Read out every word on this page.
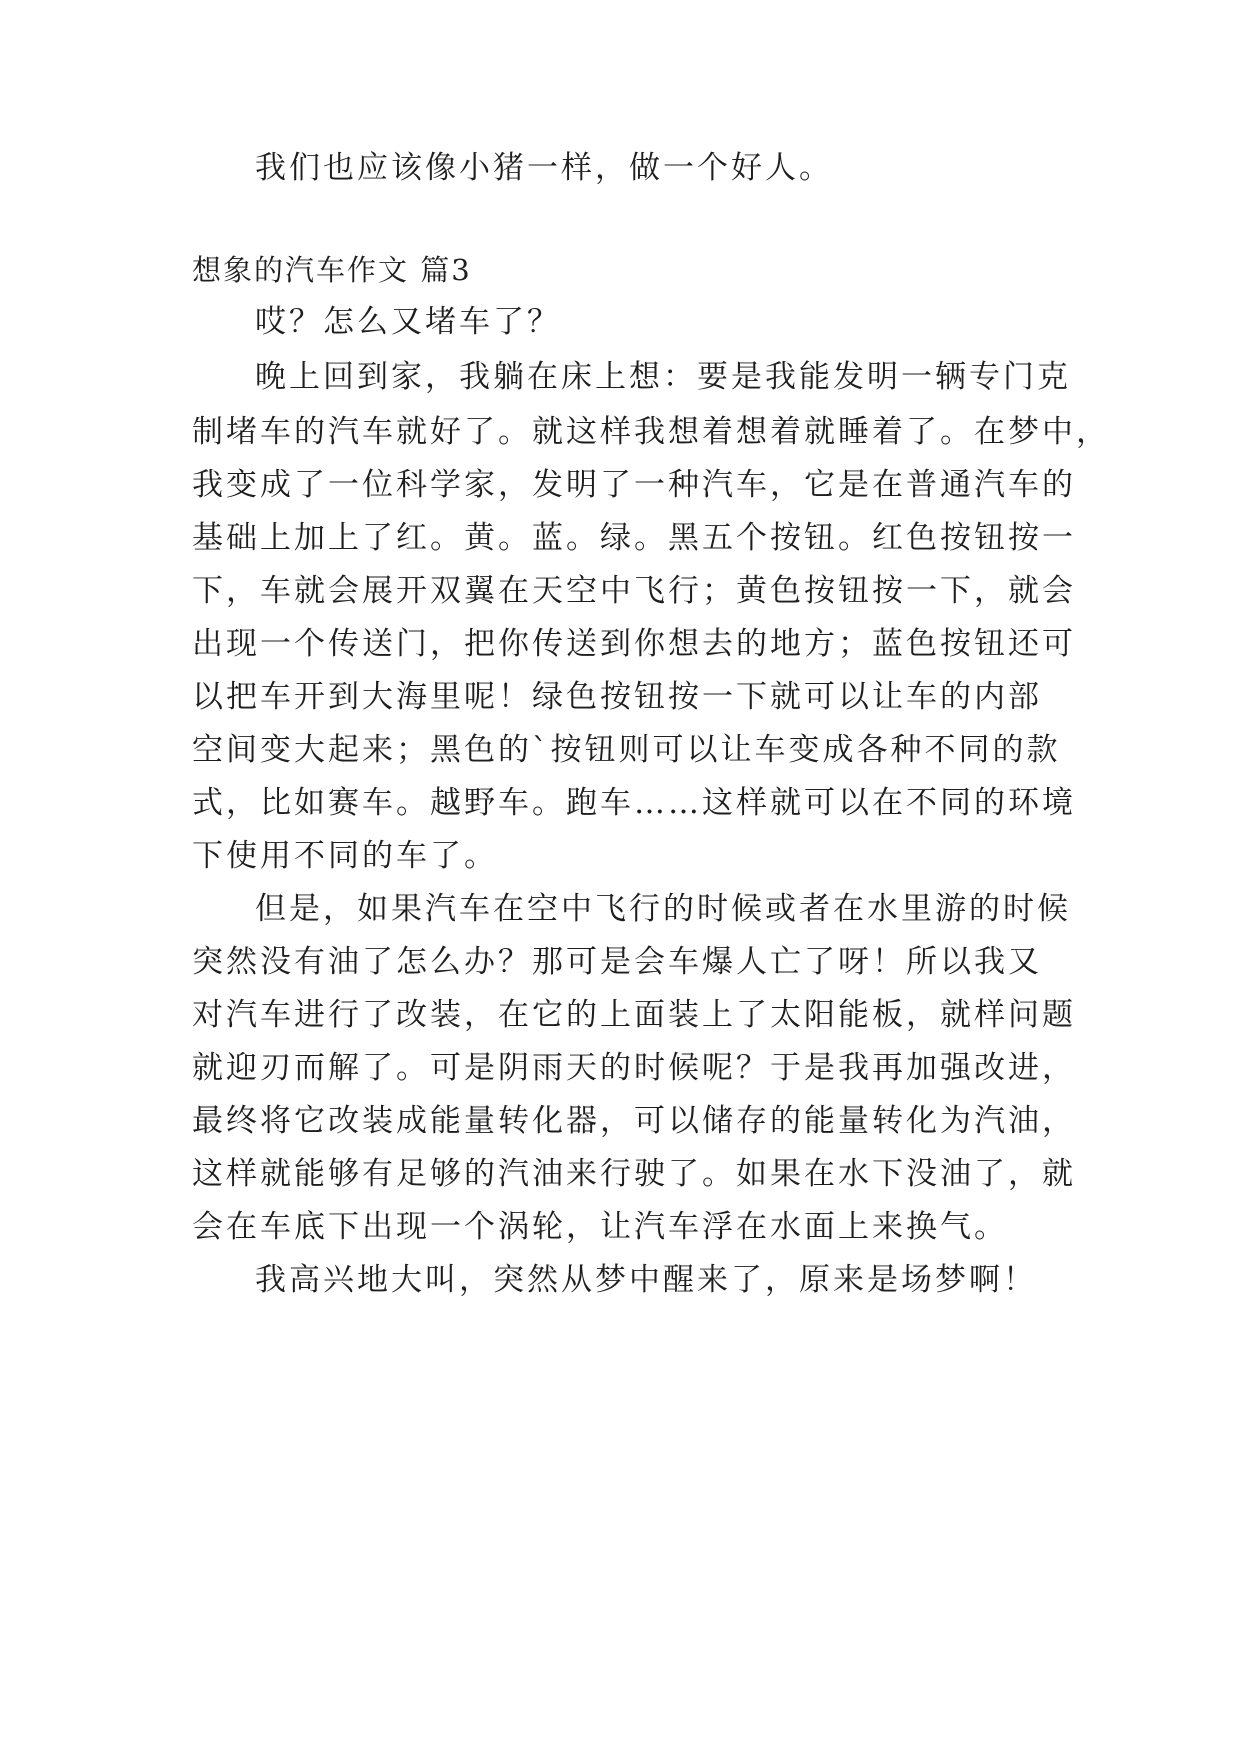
我们也应该像小猪一样，做一个好人。
想象的汽车作文 篇3
哎？怎么又堵车了？
晚上回到家，我躺在床上想：要是我能发明一辆专门克
制堵车的汽车就好了。就这样我想着想着就睡着了。在梦中，
我变成了一位科学家，发明了一种汽车，它是在普通汽车的
基础上加上了红。黄。蓝。绿。黑五个按钮。红色按钮按一
下，车就会展开双翼在天空中飞行；黄色按钮按一下，就会
出现一个传送门，把你传送到你想去的地方；蓝色按钮还可
以把车开到大海里呢！绿色按钮按一下就可以让车的内部
空间变大起来；黑色的`按钮则可以让车变成各种不同的款
式，比如赛车。越野车。跑车……这样就可以在不同的环境
下使用不同的车了。
但是，如果汽车在空中飞行的时候或者在水里游的时候
突然没有油了怎么办？那可是会车爆人亡了呀！所以我又
对汽车进行了改装，在它的上面装上了太阳能板，就样问题
就迎刃而解了。可是阴雨天的时候呢？于是我再加强改进，
最终将它改装成能量转化器，可以储存的能量转化为汽油，
这样就能够有足够的汽油来行驶了。如果在水下没油了，就
会在车底下出现一个涡轮，让汽车浮在水面上来换气。
我高兴地大叫，突然从梦中醒来了，原来是场梦啊！
